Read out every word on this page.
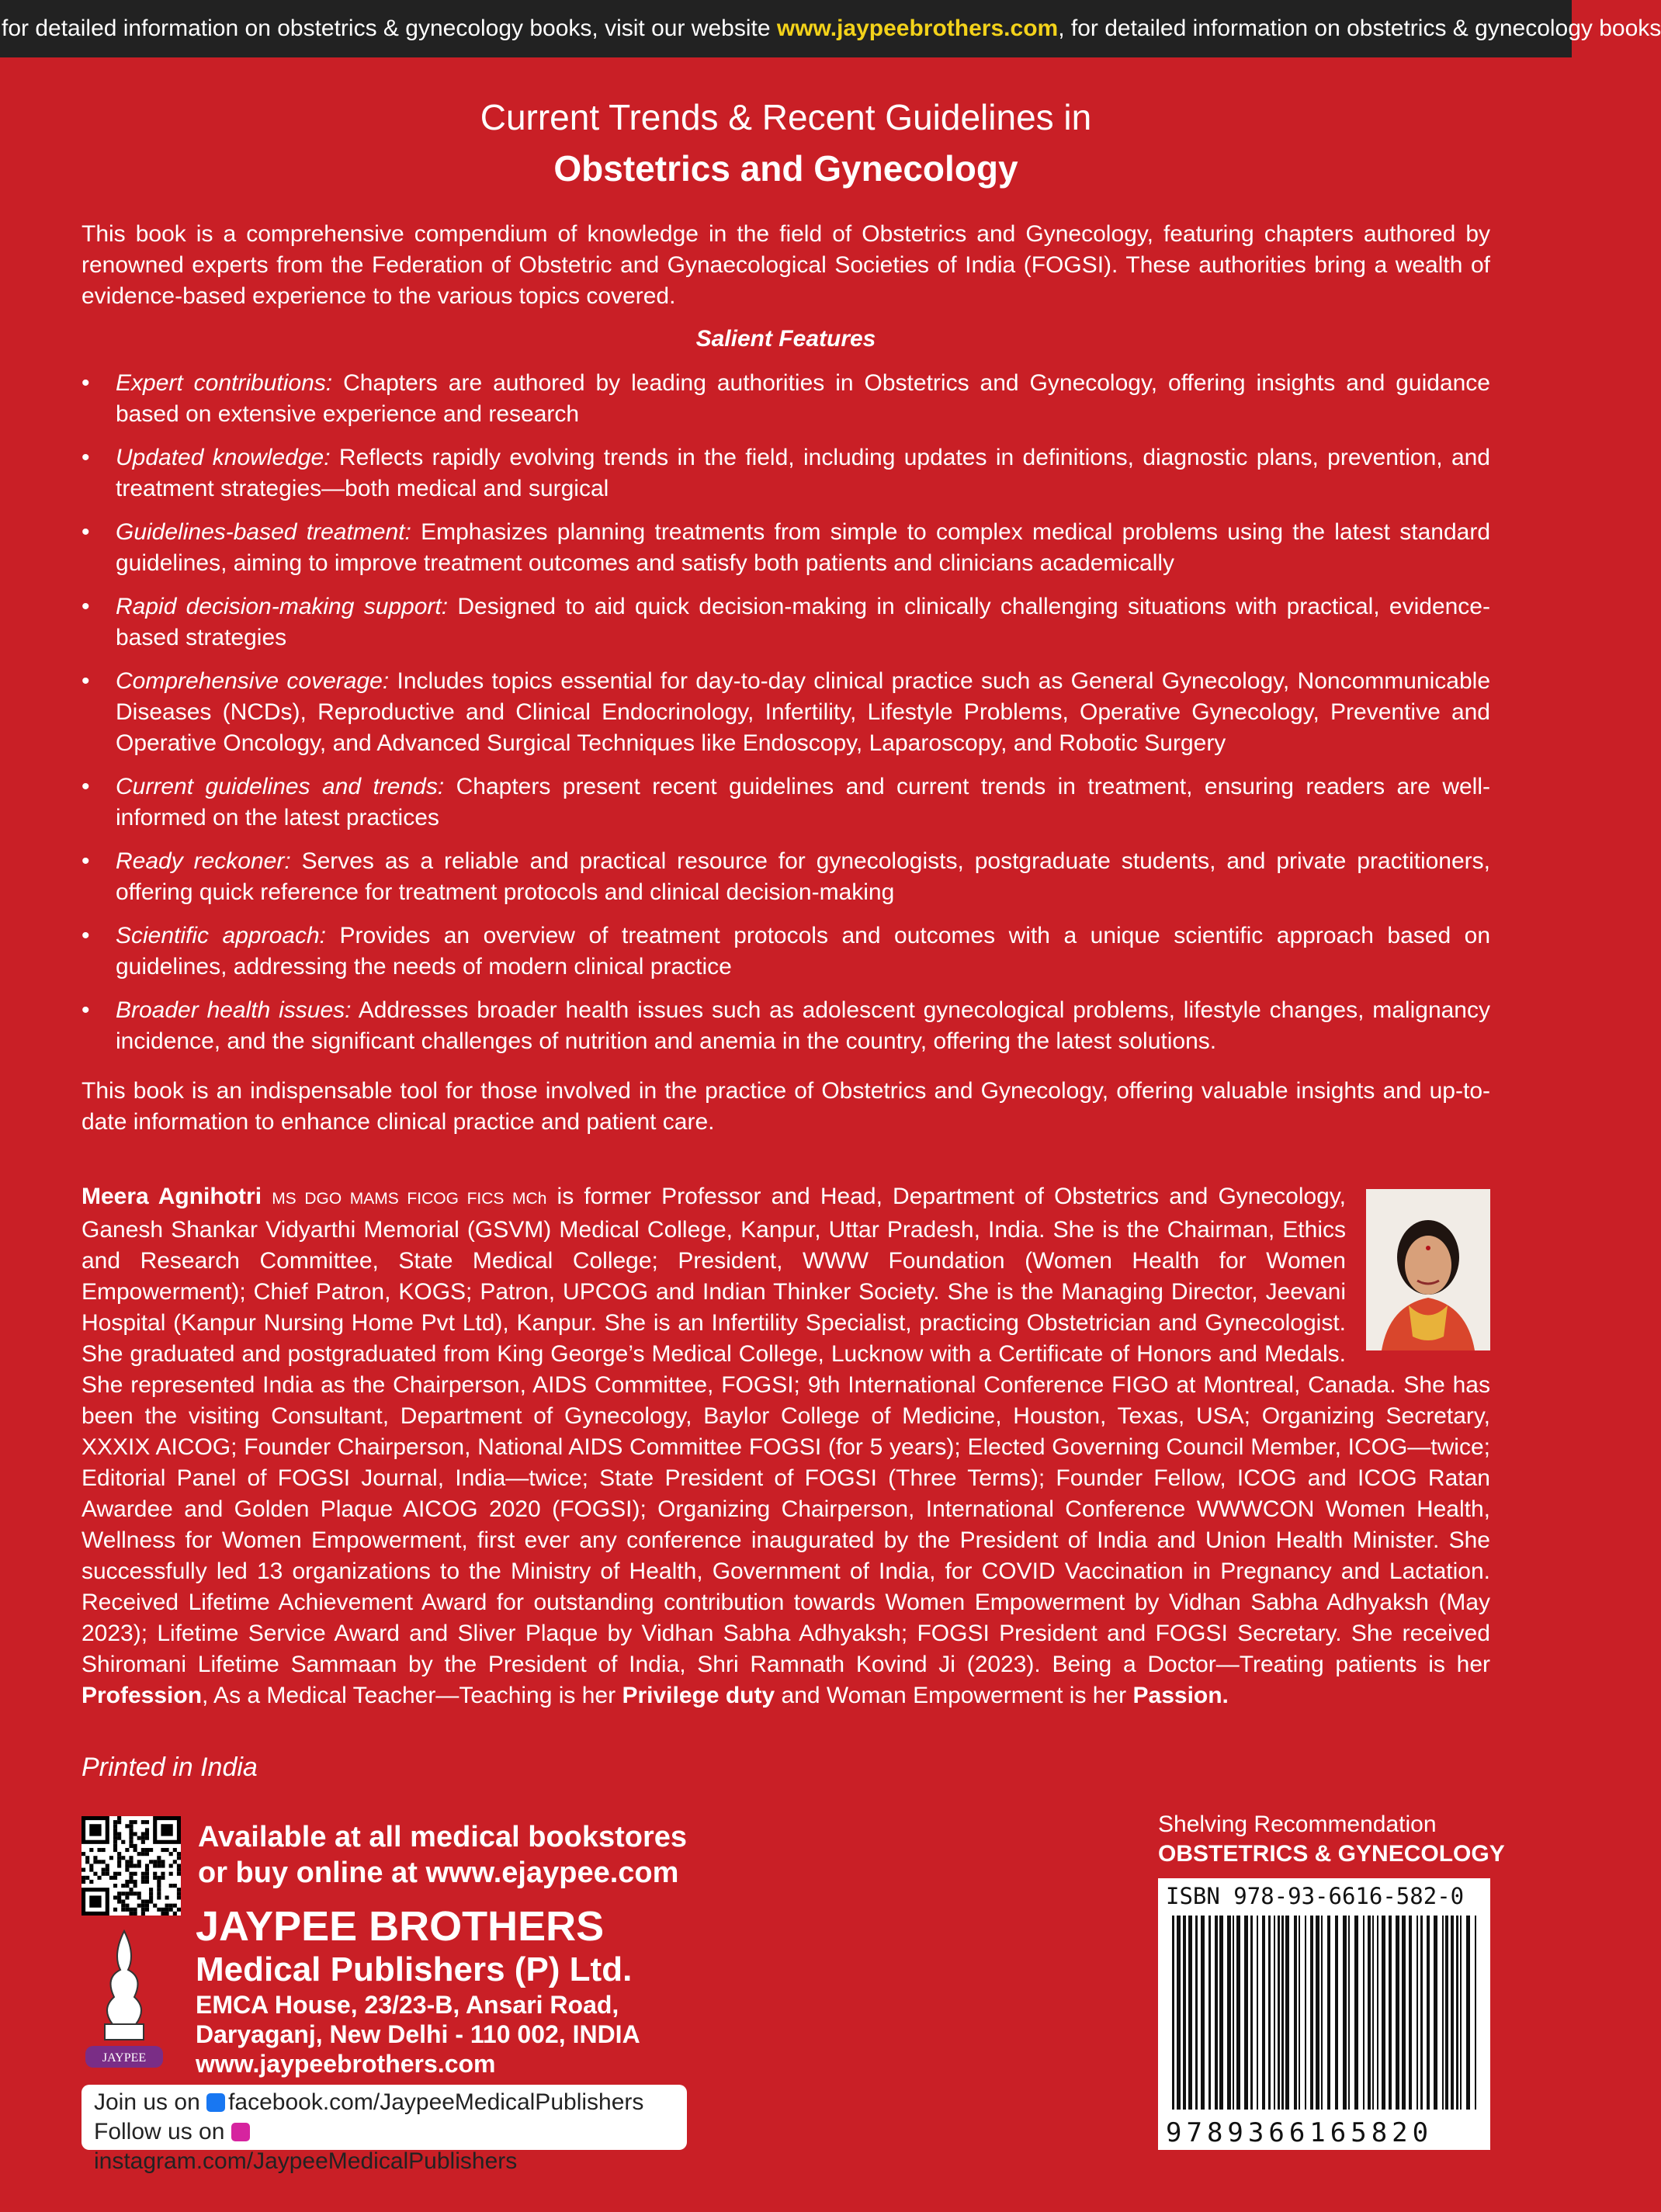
for detailed information on obstetrics & gynecology books, visit our website www.jaypeebrothers.com, for detailed information on obstetrics & gynecology books
Current Trends & Recent Guidelines in
Obstetrics and Gynecology
This book is a comprehensive compendium of knowledge in the field of Obstetrics and Gynecology, featuring chapters authored by renowned experts from the Federation of Obstetric and Gynaecological Societies of India (FOGSI). These authorities bring a wealth of evidence-based experience to the various topics covered.
Salient Features
• Expert contributions: Chapters are authored by leading authorities in Obstetrics and Gynecology, offering insights and guidance based on extensive experience and research
• Updated knowledge: Reflects rapidly evolving trends in the field, including updates in definitions, diagnostic plans, prevention, and treatment strategies—both medical and surgical
• Guidelines-based treatment: Emphasizes planning treatments from simple to complex medical problems using the latest standard guidelines, aiming to improve treatment outcomes and satisfy both patients and clinicians academically
• Rapid decision-making support: Designed to aid quick decision-making in clinically challenging situations with practical, evidence-based strategies
• Comprehensive coverage: Includes topics essential for day-to-day clinical practice such as General Gynecology, Noncommunicable Diseases (NCDs), Reproductive and Clinical Endocrinology, Infertility, Lifestyle Problems, Operative Gynecology, Preventive and Operative Oncology, and Advanced Surgical Techniques like Endoscopy, Laparoscopy, and Robotic Surgery
• Current guidelines and trends: Chapters present recent guidelines and current trends in treatment, ensuring readers are well-informed on the latest practices
• Ready reckoner: Serves as a reliable and practical resource for gynecologists, postgraduate students, and private practitioners, offering quick reference for treatment protocols and clinical decision-making
• Scientific approach: Provides an overview of treatment protocols and outcomes with a unique scientific approach based on guidelines, addressing the needs of modern clinical practice
• Broader health issues: Addresses broader health issues such as adolescent gynecological problems, lifestyle changes, malignancy incidence, and the significant challenges of nutrition and anemia in the country, offering the latest solutions.
This book is an indispensable tool for those involved in the practice of Obstetrics and Gynecology, offering valuable insights and up-to-date information to enhance clinical practice and patient care.
Meera Agnihotri MS DGO MAMS FICOG FICS MCh is former Professor and Head, Department of Obstetrics and Gynecology, Ganesh Shankar Vidyarthi Memorial (GSVM) Medical College, Kanpur, Uttar Pradesh, India. She is the Chairman, Ethics and Research Committee, State Medical College; President, WWW Foundation (Women Health for Women Empowerment); Chief Patron, KOGS; Patron, UPCOG and Indian Thinker Society. She is the Managing Director, Jeevani Hospital (Kanpur Nursing Home Pvt Ltd), Kanpur. She is an Infertility Specialist, practicing Obstetrician and Gynecologist. She graduated and postgraduated from King George’s Medical College, Lucknow with a Certificate of Honors and Medals. She represented India as the Chairperson, AIDS Committee, FOGSI; 9th International Conference FIGO at Montreal, Canada. She has been the visiting Consultant, Department of Gynecology, Baylor College of Medicine, Houston, Texas, USA; Organizing Secretary, XXXIX AICOG; Founder Chairperson, National AIDS Committee FOGSI (for 5 years); Elected Governing Council Member, ICOG—twice; Editorial Panel of FOGSI Journal, India—twice; State President of FOGSI (Three Terms); Founder Fellow, ICOG and ICOG Ratan Awardee and Golden Plaque AICOG 2020 (FOGSI); Organizing Chairperson, International Conference WWWCON Women Health, Wellness for Women Empowerment, first ever any conference inaugurated by the President of India and Union Health Minister. She successfully led 13 organizations to the Ministry of Health, Government of India, for COVID Vaccination in Pregnancy and Lactation. Received Lifetime Achievement Award for outstanding contribution towards Women Empowerment by Vidhan Sabha Adhyaksh (May 2023); Lifetime Service Award and Sliver Plaque by Vidhan Sabha Adhyaksh; FOGSI President and FOGSI Secretary. She received Shiromani Lifetime Sammaan by the President of India, Shri Ramnath Kovind Ji (2023). Being a Doctor—Treating patients is her Profession, As a Medical Teacher—Teaching is her Privilege duty and Woman Empowerment is her Passion.
Printed in India
Available at all medical bookstores
or buy online at www.ejaypee.com
JAYPEE
JAYPEE BROTHERS
Medical Publishers (P) Ltd.
EMCA House, 23/23-B, Ansari Road,
Daryaganj, New Delhi - 110 002, INDIA
www.jaypeebrothers.com
Join us on facebook.com/JaypeeMedicalPublishers
Follow us on instagram.com/JaypeeMedicalPublishers
Shelving Recommendation
OBSTETRICS & GYNECOLOGY
ISBN 978-93-6616-582-0
9789366165820
